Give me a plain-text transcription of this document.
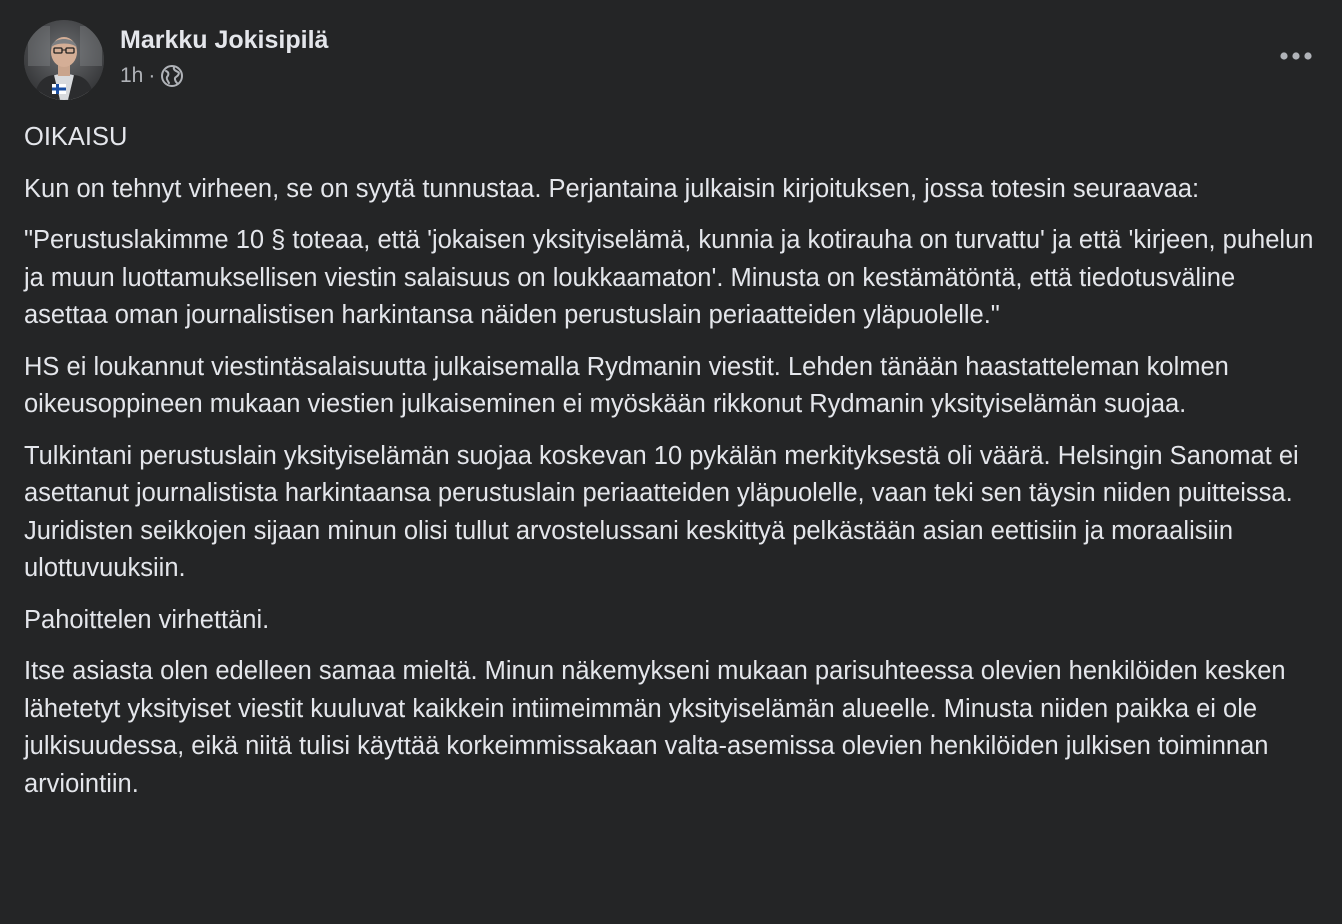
Markku Jokisipilä
1h ·

OIKAISU

Kun on tehnyt virheen, se on syytä tunnustaa. Perjantaina julkaisin kirjoituksen, jossa totesin seuraavaa:

"Perustuslakimme 10 § toteaa, että 'jokaisen yksityiselämä, kunnia ja kotirauha on turvattu' ja että 'kirjeen, puhelun ja muun luottamuksellisen viestin salaisuus on loukkaamaton'. Minusta on kestämätöntä, että tiedotusväline asettaa oman journalistisen harkintansa näiden perustuslain periaatteiden yläpuolelle."

HS ei loukannut viestintäsalaisuutta julkaisemalla Rydmanin viestit. Lehden tänään haastatteleman kolmen oikeusoppineen mukaan viestien julkaiseminen ei myöskään rikkonut Rydmanin yksityiselämän suojaa.

Tulkintani perustuslain yksityiselämän suojaa koskevan 10 pykälän merkityksestä oli väärä. Helsingin Sanomat ei asettanut journalistista harkintaansa perustuslain periaatteiden yläpuolelle, vaan teki sen täysin niiden puitteissa. Juridisten seikkojen sijaan minun olisi tullut arvostelussani keskittyä pelkästään asian eettisiin ja moraalisiin ulottuvuuksiin.

Pahoittelen virhettäni.

Itse asiasta olen edelleen samaa mieltä. Minun näkemykseni mukaan parisuhteessa olevien henkilöiden kesken lähetetyt yksityiset viestit kuuluvat kaikkein intiimeimmän yksityiselämän alueelle. Minusta niiden paikka ei ole julkisuudessa, eikä niitä tulisi käyttää korkeimmissakaan valta-asemissa olevien henkilöiden julkisen toiminnan arviointiin.
